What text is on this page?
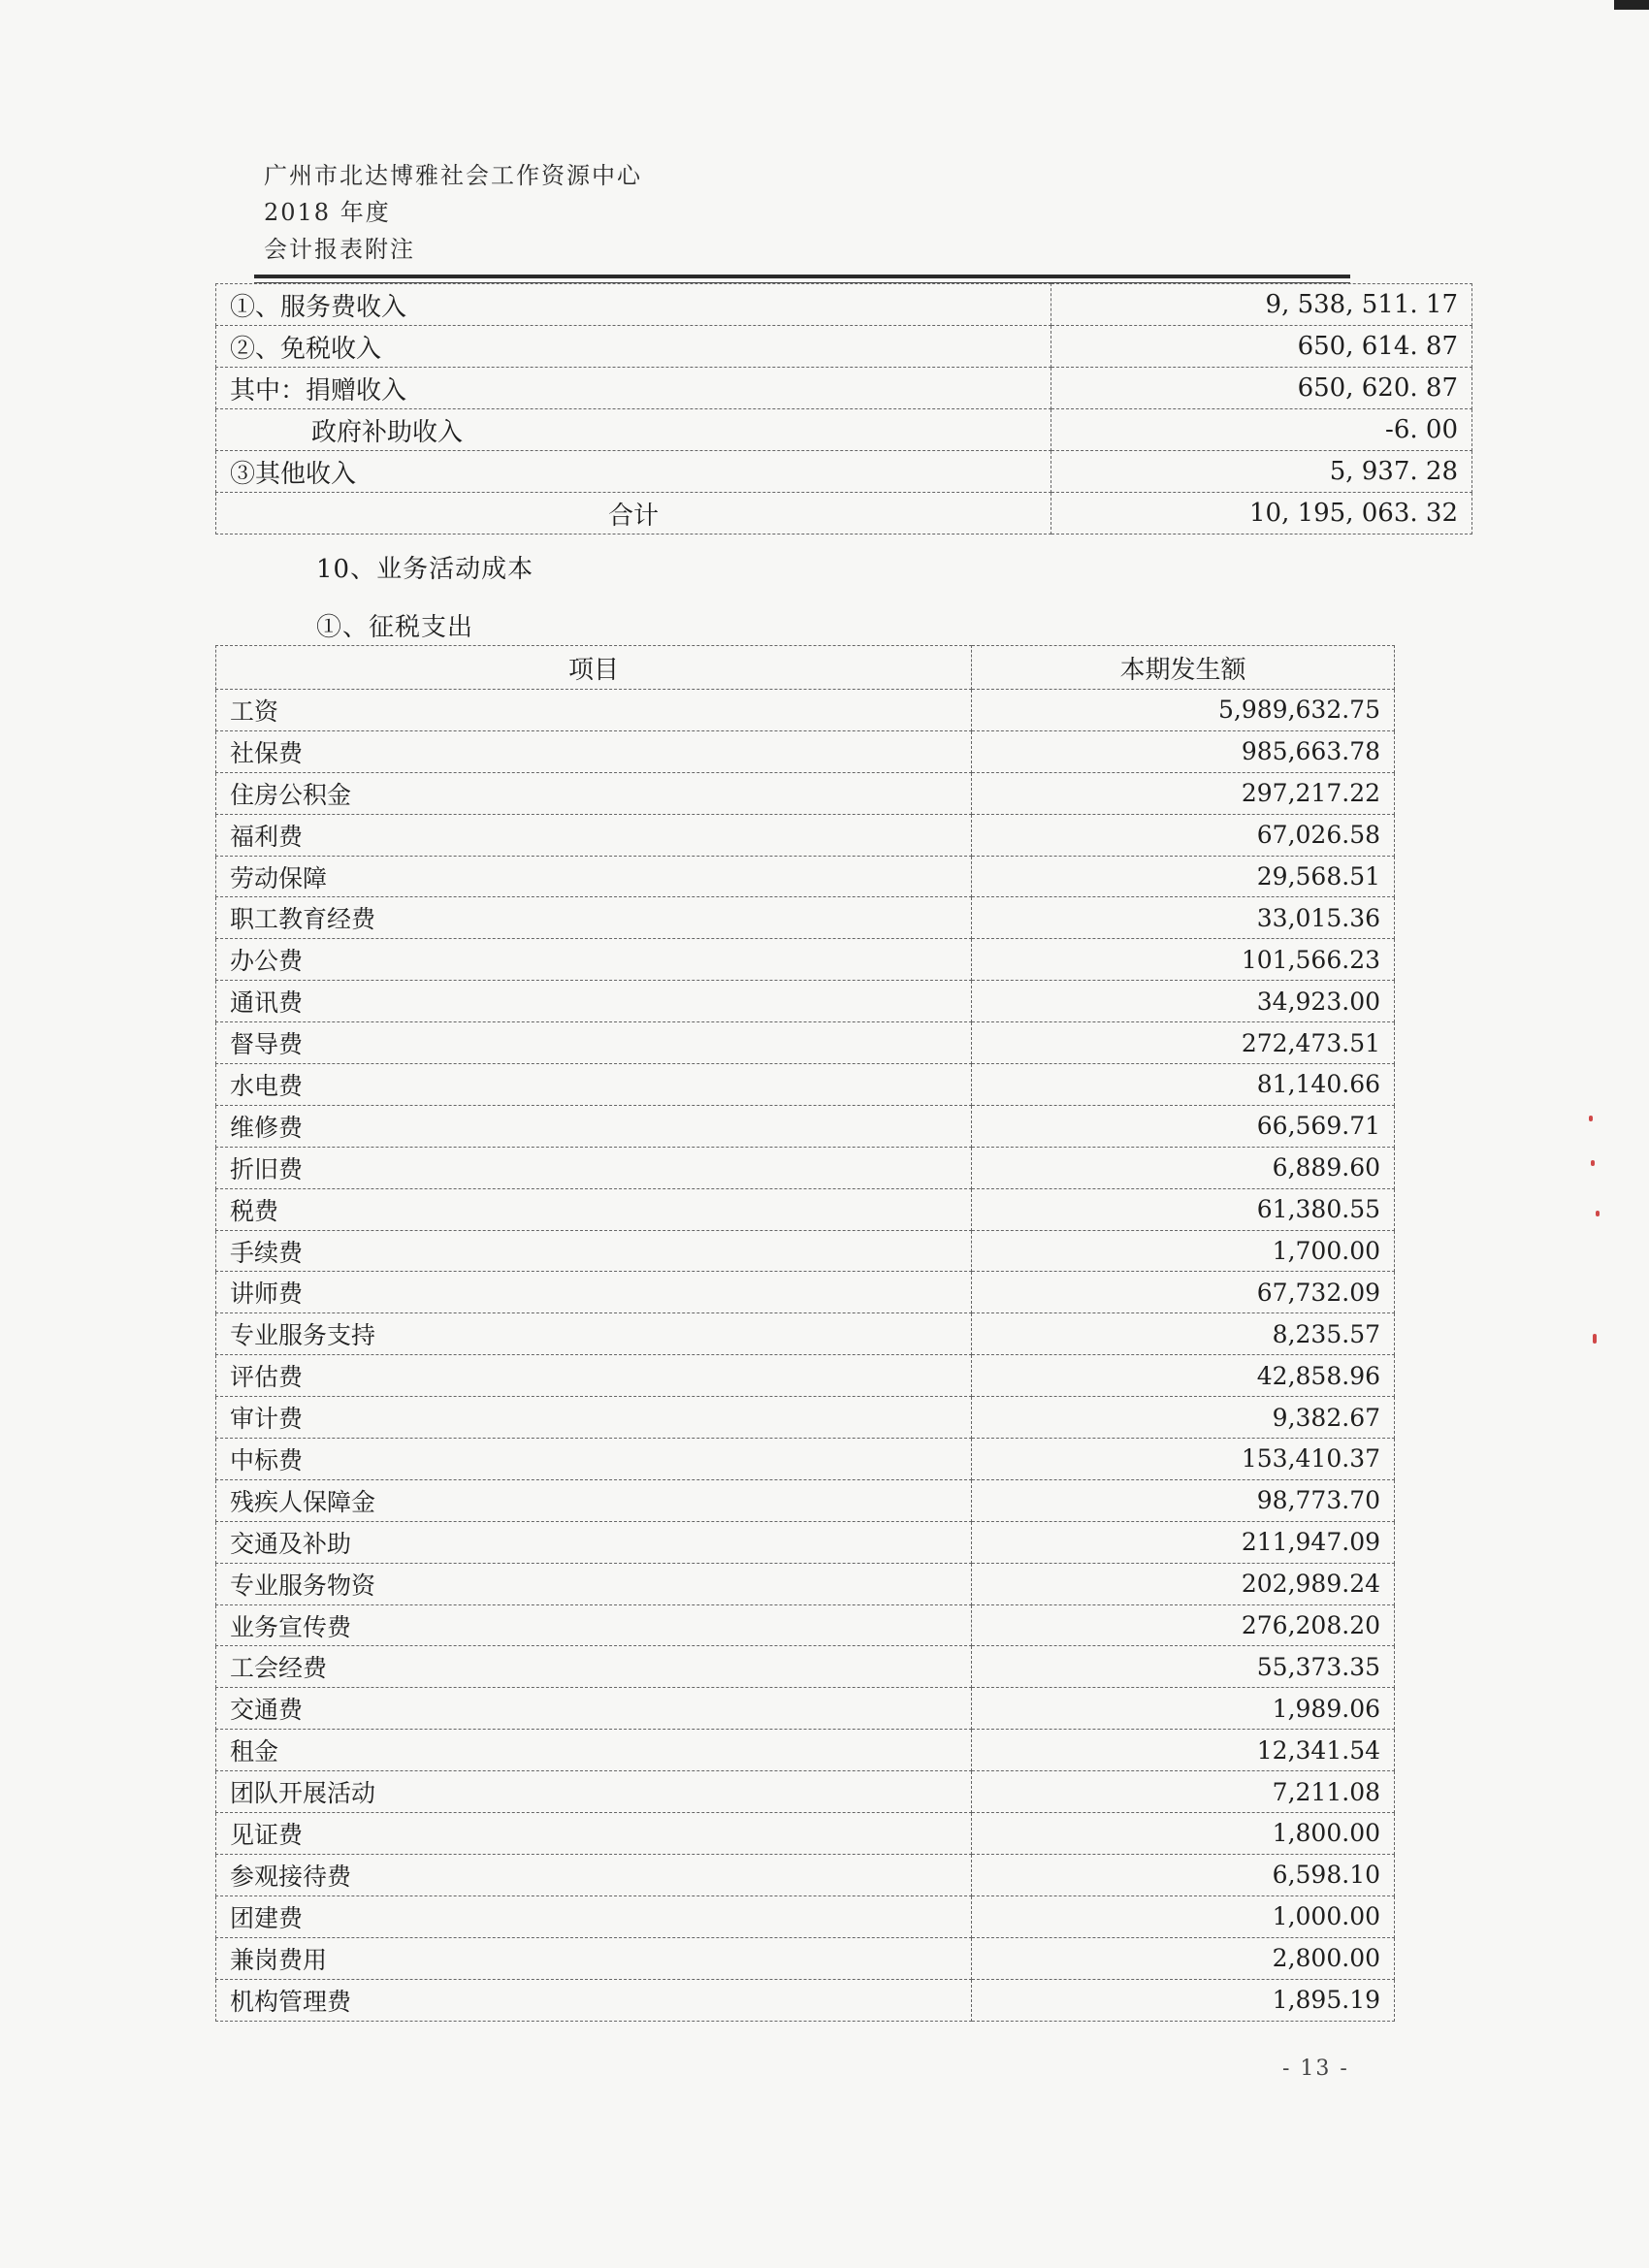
广州市北达博雅社会工作资源中心
2018 年度
会计报表附注
①、服务费收入	9, 538, 511. 17
②、免税收入	650, 614. 87
其中：捐赠收入	650, 620. 87
政府补助收入	-6. 00
③其他收入	5, 937. 28
合计	10, 195, 063. 32
10、业务活动成本
①、征税支出
项目	本期发生额
工资	5,989,632.75
社保费	985,663.78
住房公积金	297,217.22
福利费	67,026.58
劳动保障	29,568.51
职工教育经费	33,015.36
办公费	101,566.23
通讯费	34,923.00
督导费	272,473.51
水电费	81,140.66
维修费	66,569.71
折旧费	6,889.60
税费	61,380.55
手续费	1,700.00
讲师费	67,732.09
专业服务支持	8,235.57
评估费	42,858.96
审计费	9,382.67
中标费	153,410.37
残疾人保障金	98,773.70
交通及补助	211,947.09
专业服务物资	202,989.24
业务宣传费	276,208.20
工会经费	55,373.35
交通费	1,989.06
租金	12,341.54
团队开展活动	7,211.08
见证费	1,800.00
参观接待费	6,598.10
团建费	1,000.00
兼岗费用	2,800.00
机构管理费	1,895.19
- 13 -
